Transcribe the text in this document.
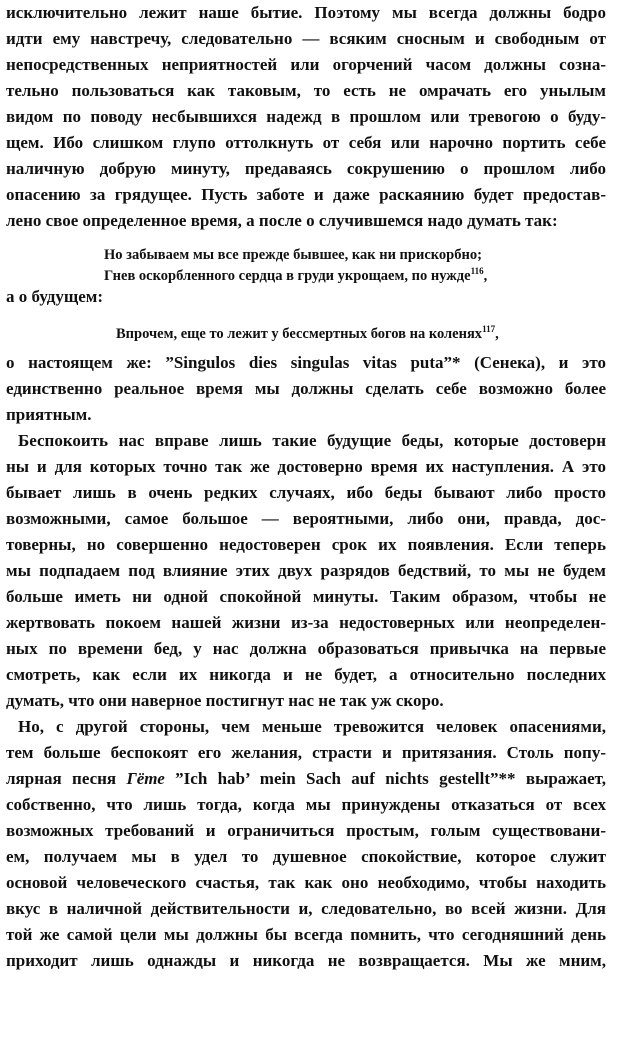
исключительно лежит наше бытие. Поэтому мы всегда должны бодро
идти ему навстречу, следовательно — всяким сносным и свободным от
непосредственных неприятностей или огорчений часом должны созна-
тельно пользоваться как таковым, то есть не омрачать его унылым
видом по поводу несбывшихся надежд в прошлом или тревогою о буду-
щем. Ибо слишком глупо оттолкнуть от себя или нарочно портить себе
наличную добрую минуту, предаваясь сокрушению о прошлом либо
опасению за грядущее. Пусть заботе и даже раскаянию будет предостав-
лено свое определенное время, а после о случившемся надо думать так:
Но забываем мы все прежде бывшее, как ни прискорбно;
Гнев оскорбленного сердца в груди укрощаем, по нужде$^{116}$,
а о будущем:
Впрочем, еще то лежит у бессмертных богов на коленях$^{117}$,
о настоящем же: ”Singulos dies singulas vitas puta”* (Сенека), и это
единственно реальное время мы должны сделать себе возможно более
приятным.
Беспокоить нас вправе лишь такие будущие беды, которые достоверн
ны и для которых точно так же достоверно время их наступления. А это
бывает лишь в очень редких случаях, ибо беды бывают либо просто
возможными, самое большое — вероятными, либо они, правда, дос-
товерны, но совершенно недостоверен срок их появления. Если теперь
мы подпадаем под влияние этих двух разрядов бедствий, то мы не будем
больше иметь ни одной спокойной минуты. Таким образом, чтобы не
жертвовать покоем нашей жизни из-за недостоверных или неопределен-
ных по времени бед, у нас должна образоваться привычка на первые
смотреть, как если их никогда и не будет, а относительно последних
думать, что они наверное постигнут нас не так уж скоро.
Но, с другой стороны, чем меньше тревожится человек опасениями,
тем больше беспокоят его желания, страсти и притязания. Столь попу-
лярная песня Гёте ”Ich hab’ mein Sach auf nichts gestellt”** выражает,
собственно, что лишь тогда, когда мы принуждены отказаться от всех
возможных требований и ограничиться простым, голым существовани-
ем, получаем мы в удел то душевное спокойствие, которое служит
основой человеческого счастья, так как оно необходимо, чтобы находить
вкус в наличной действительности и, следовательно, во всей жизни. Для
той же самой цели мы должны бы всегда помнить, что сегодняшний день
приходит лишь однажды и никогда не возвращается. Мы же мним,
